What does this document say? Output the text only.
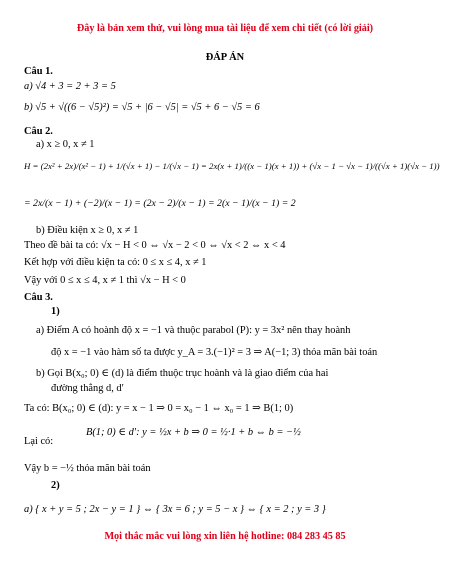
Đây là bản xem thử, vui lòng mua tài liệu để xem chi tiết (có lời giải)
ĐÁP ÁN
Câu 1.
a) √4 + 3 = 2 + 3 = 5
b) √5 + √((6 − √5)²) = √5 + |6 − √5| = √5 + 6 − √5 = 6
Câu 2.
a) x ≥ 0, x ≠ 1
H = (2x² + 2x)/(x² − 1) + 1/(√x + 1) − 1/(√x − 1) = 2x(x + 1)/((x − 1)(x + 1)) + (√x − 1 − √x − 1)/((√x + 1)(√x − 1))
= 2x/(x − 1) + (−2)/(x − 1) = (2x − 2)/(x − 1) = 2(x − 1)/(x − 1) = 2
b) Điều kiện x ≥ 0, x ≠ 1
Theo đề bài ta có: √x − H < 0 ⇔ √x − 2 < 0 ⇔ √x < 2 ⇔ x < 4
Kết hợp với điều kiện ta có: 0 ≤ x ≤ 4, x ≠ 1
Vậy với 0 ≤ x ≤ 4, x ≠ 1 thì √x − H < 0
Câu 3.
1)
a) Điểm A có hoành độ x = −1 và thuộc parabol (P): y = 3x² nên thay hoành
độ x = −1 vào hàm số ta được y_A = 3.(−1)² = 3 ⇒ A(−1; 3) thỏa mãn bài toán
b) Gọi B(x₀; 0) ∈ (d) là điểm thuộc trục hoành và là giao điểm của hai
đường thẳng d, d′
Ta có: B(x₀; 0) ∈ (d): y = x − 1 ⇒ 0 = x₀ − 1 ⇔ x₀ = 1 ⇒ B(1; 0)
B(1; 0) ∈ d′: y = ½x + b ⇒ 0 = ½·1 + b ⇔ b = −½
Lại có:
Vậy b = −½ thỏa mãn bài toán
2)
a) { x + y = 5 ; 2x − y = 1 } ⇔ { 3x = 6 ; y = 5 − x } ⇔ { x = 2 ; y = 3 }
Mọi thắc mắc vui lòng xin liên hệ hotline: 084 283 45 85
